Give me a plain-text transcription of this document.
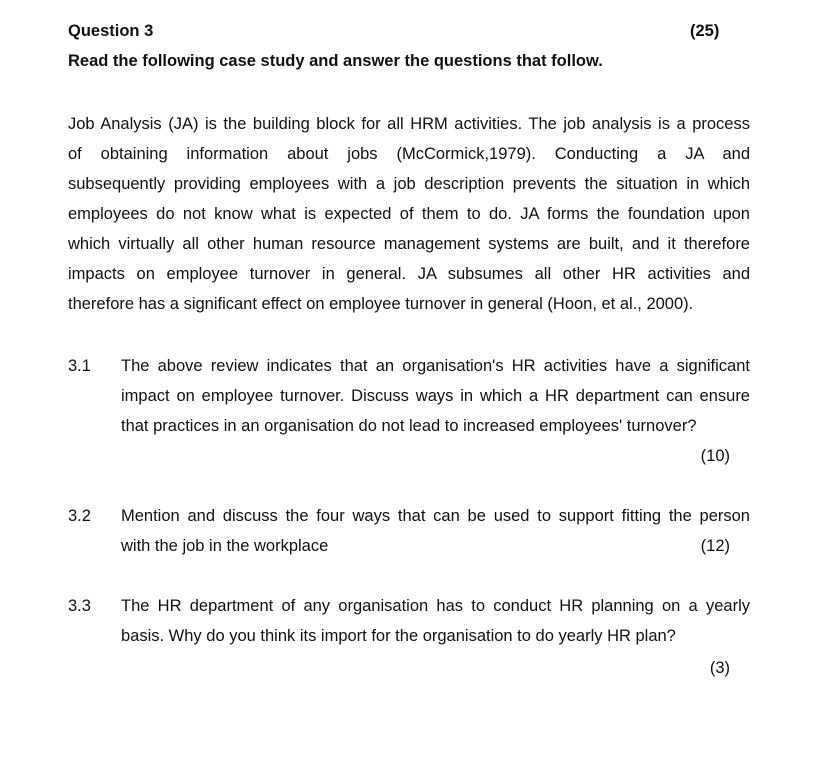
Question 3	(25)
Read the following case study and answer the questions that follow.
Job Analysis (JA) is the building block for all HRM activities. The job analysis is a process
of obtaining information about jobs (McCormick,1979). Conducting a JA and
subsequently providing employees with a job description prevents the situation in which
employees do not know what is expected of them to do. JA forms the foundation upon
which virtually all other human resource management systems are built, and it therefore
impacts on employee turnover in general. JA subsumes all other HR activities and
therefore has a significant effect on employee turnover in general (Hoon, et al., 2000).
3.1 The above review indicates that an organisation's HR activities have a significant
impact on employee turnover. Discuss ways in which a HR department can ensure
that practices in an organisation do not lead to increased employees' turnover?
(10)
3.2 Mention and discuss the four ways that can be used to support fitting the person
with the job in the workplace	(12)
3.3 The HR department of any organisation has to conduct HR planning on a yearly
basis. Why do you think its import for the organisation to do yearly HR plan?
(3)
